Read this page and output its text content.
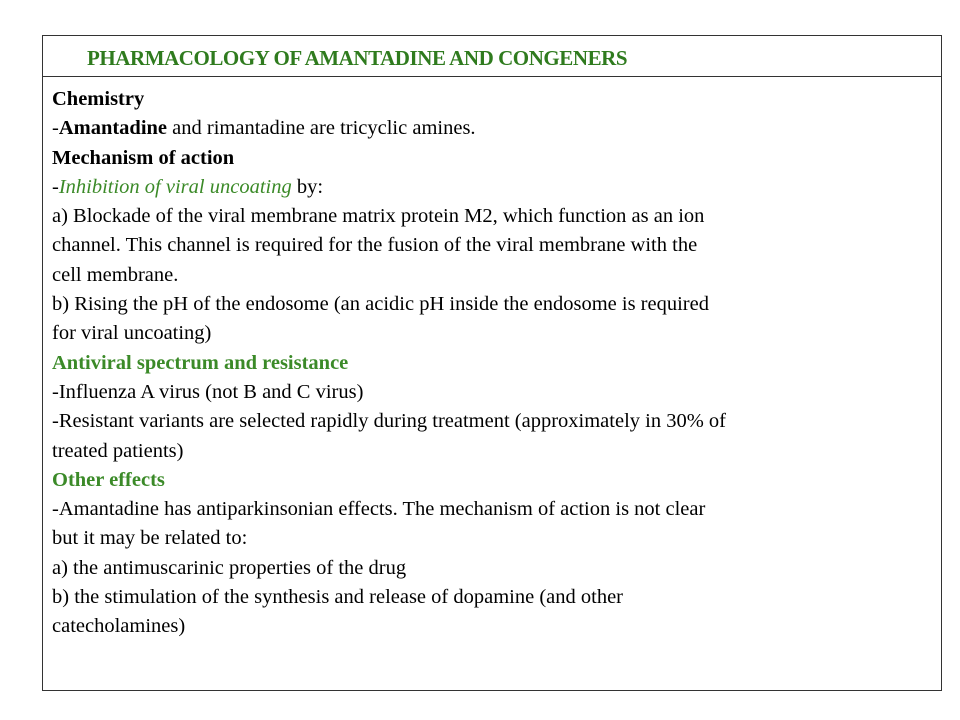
PHARMACOLOGY OF AMANTADINE AND CONGENERS
Chemistry
-Amantadine and rimantadine are tricyclic amines.
Mechanism of action
-Inhibition of viral uncoating by:
a) Blockade of the viral membrane matrix protein M2, which function as an ion
channel. This channel is required for the fusion of the viral membrane with the
cell membrane.
b) Rising the pH of the endosome (an acidic pH inside the endosome is required
for viral uncoating)
Antiviral spectrum and resistance
-Influenza A virus (not B and C virus)
-Resistant variants are selected rapidly during treatment (approximately in 30% of
treated patients)
Other effects
-Amantadine has antiparkinsonian effects. The mechanism of action is not clear
but it may be related to:
a) the antimuscarinic properties of the drug
b) the stimulation of the synthesis and release of dopamine (and other
catecholamines)
